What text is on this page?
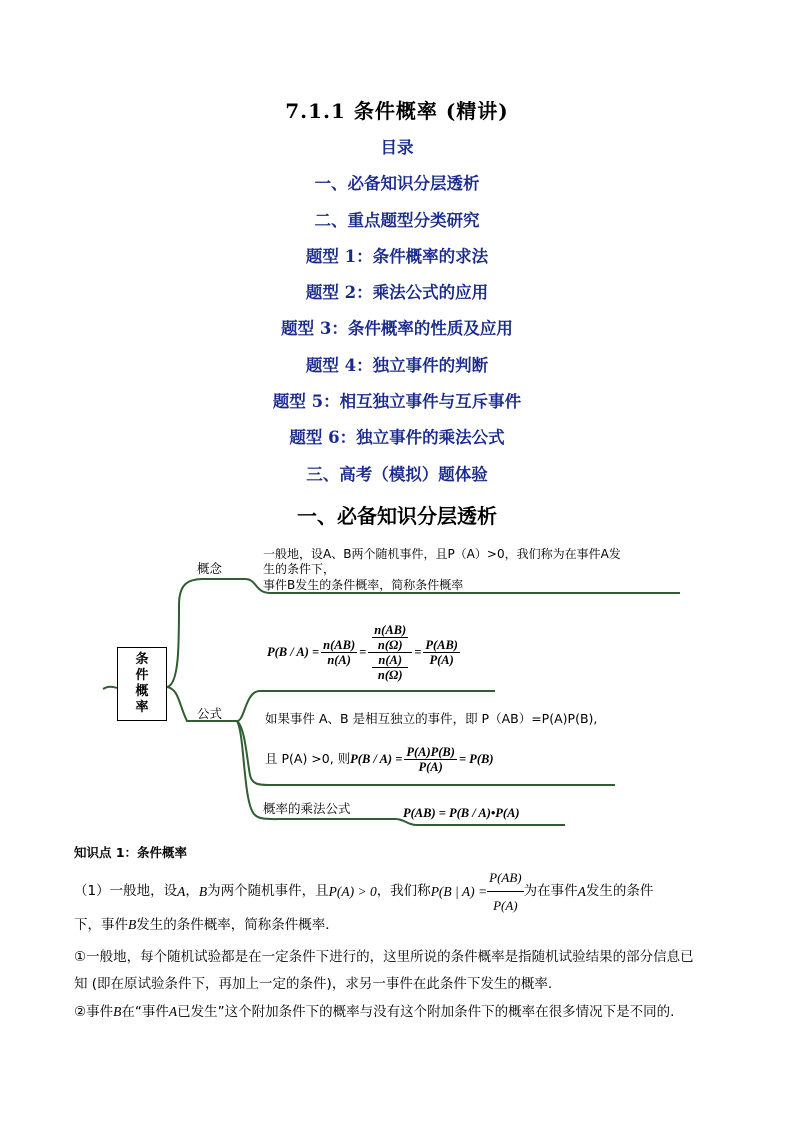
7.1.1 条件概率 (精讲)
目录
一、必备知识分层透析
二、重点题型分类研究
题型 1：条件概率的求法
题型 2：乘法公式的应用
题型 3：条件概率的性质及应用
题型 4：独立事件的判断
题型 5：相互独立事件与互斥事件
题型 6：独立事件的乘法公式
三、高考（模拟）题体验
一、必备知识分层透析
概念
一般地，设A、B两个随机事件，且P（A）>0，我们称为在事件A发
生的条件下，
事件B发生的条件概率，简称条件概率
条件概率
$P(B / A) = \frac{n(AB)}{n(A)} = n(AB)$
n(Ω)
n(A)
$n(\Omega) = \frac{P(AB)}{P(A)}$
公式	如果事件 A、B 是相互独立的事件，即 P（AB）=P(A)P(B),
且 P(A) >0, 则 $P(B / A) = \frac{P(A)P(B)}{P(A)} = P(B)$
概率的乘法公式	P(AB) = P(B / A)•P(A)
知识点 1：条件概率
（1）一般地，设 A ， B 为两个随机事件，且 P(A) > 0 ，我们称 P(B | $A) = \frac{P(AB)}{P(A)}$ 为在事件 A 发生的条件
下，事件B发生的条件概率，简称条件概率．
①一般地，每个随机试验都是在一定条件下进行的，这里所说的条件概率是指随机试验结果的部分信息已
知 (即在原试验条件下，再加上一定的条件)，求另一事件在此条件下发生的概率.
②事件B在“事件A已发生”这个附加条件下的概率与没有这个附加条件下的概率在很多情况下是不同的.
